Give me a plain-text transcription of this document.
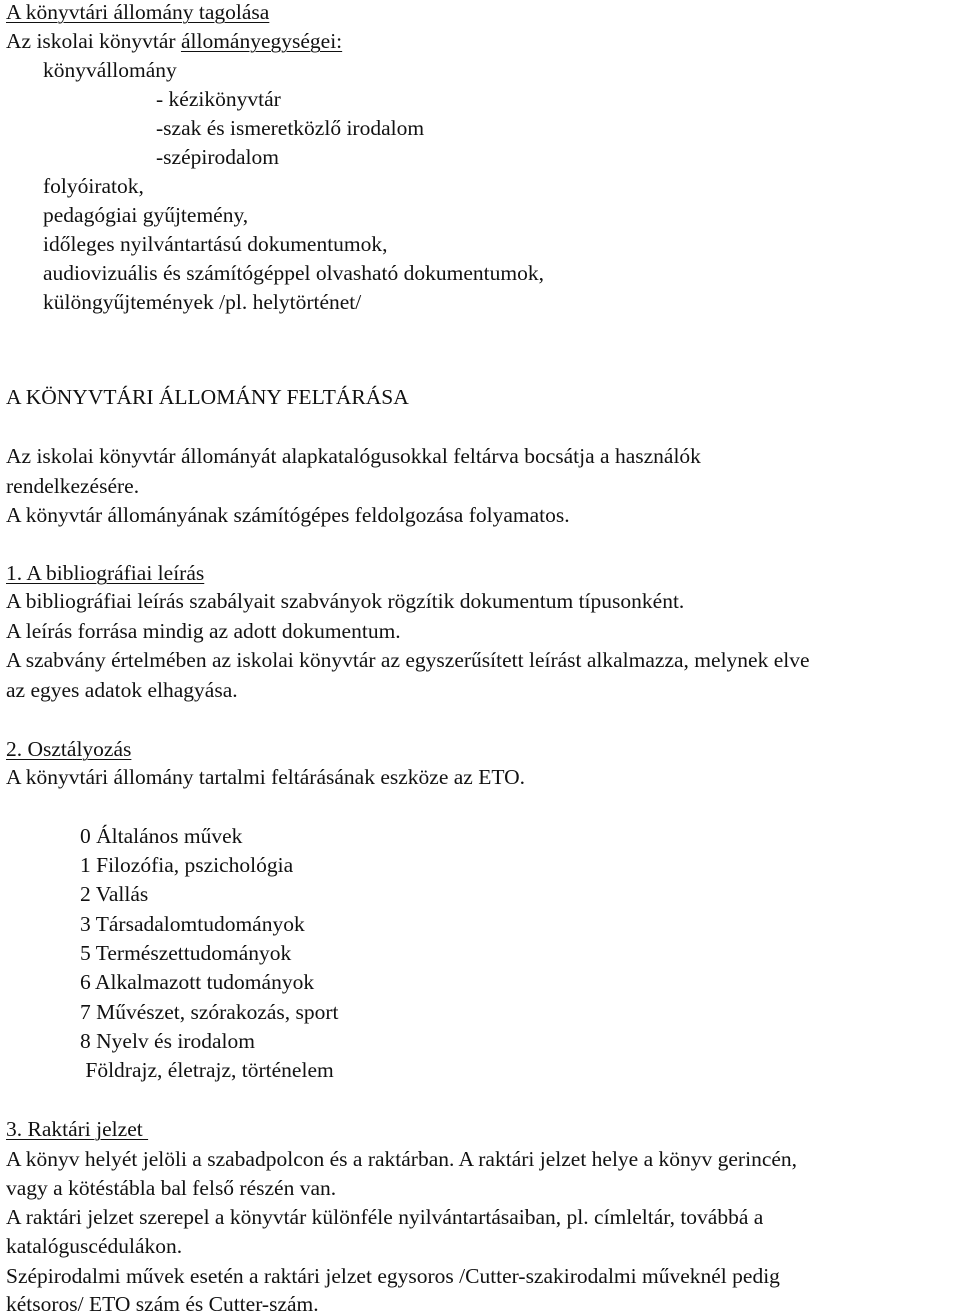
A könyvtári állomány tagolása
Az iskolai könyvtár állományegységei:
könyvállomány
- kézikönyvtár
-szak és ismeretközlő irodalom
-szépirodalom
folyóiratok,
pedagógiai gyűjtemény,
időleges nyilvántartású dokumentumok,
audiovizuális és számítógéppel olvasható dokumentumok,
különgyűjtemények /pl. helytörténet/
A KÖNYVTÁRI ÁLLOMÁNY FELTÁRÁSA
Az iskolai könyvtár állományát alapkatalógusokkal feltárva bocsátja a használók
rendelkezésére.
A könyvtár állományának számítógépes feldolgozása folyamatos.
1. A bibliográfiai leírás
A bibliográfiai leírás szabályait szabványok rögzítik dokumentum típusonként.
A leírás forrása mindig az adott dokumentum.
A szabvány értelmében az iskolai könyvtár az egyszerűsített leírást alkalmazza, melynek elve
az egyes adatok elhagyása.
2. Osztályozás
A könyvtári állomány tartalmi feltárásának eszköze az ETO.
0 Általános művek
1 Filozófia, pszichológia
2 Vallás
3 Társadalomtudományok
5 Természettudományok
6 Alkalmazott tudományok
7 Művészet, szórakozás, sport
8 Nyelv és irodalom
Földrajz, életrajz, történelem
3. Raktári jelzet
A könyv helyét jelöli a szabadpolcon és a raktárban. A raktári jelzet helye a könyv gerincén,
vagy a kötéstábla bal felső részén van.
A raktári jelzet szerepel a könyvtár különféle nyilvántartásaiban, pl. címleltár, továbbá a
katalóguscédulákon.
Szépirodalmi művek esetén a raktári jelzet egysoros /Cutter-szakirodalmi műveknél pedig
kétsoros/ ETO szám és Cutter-szám.
